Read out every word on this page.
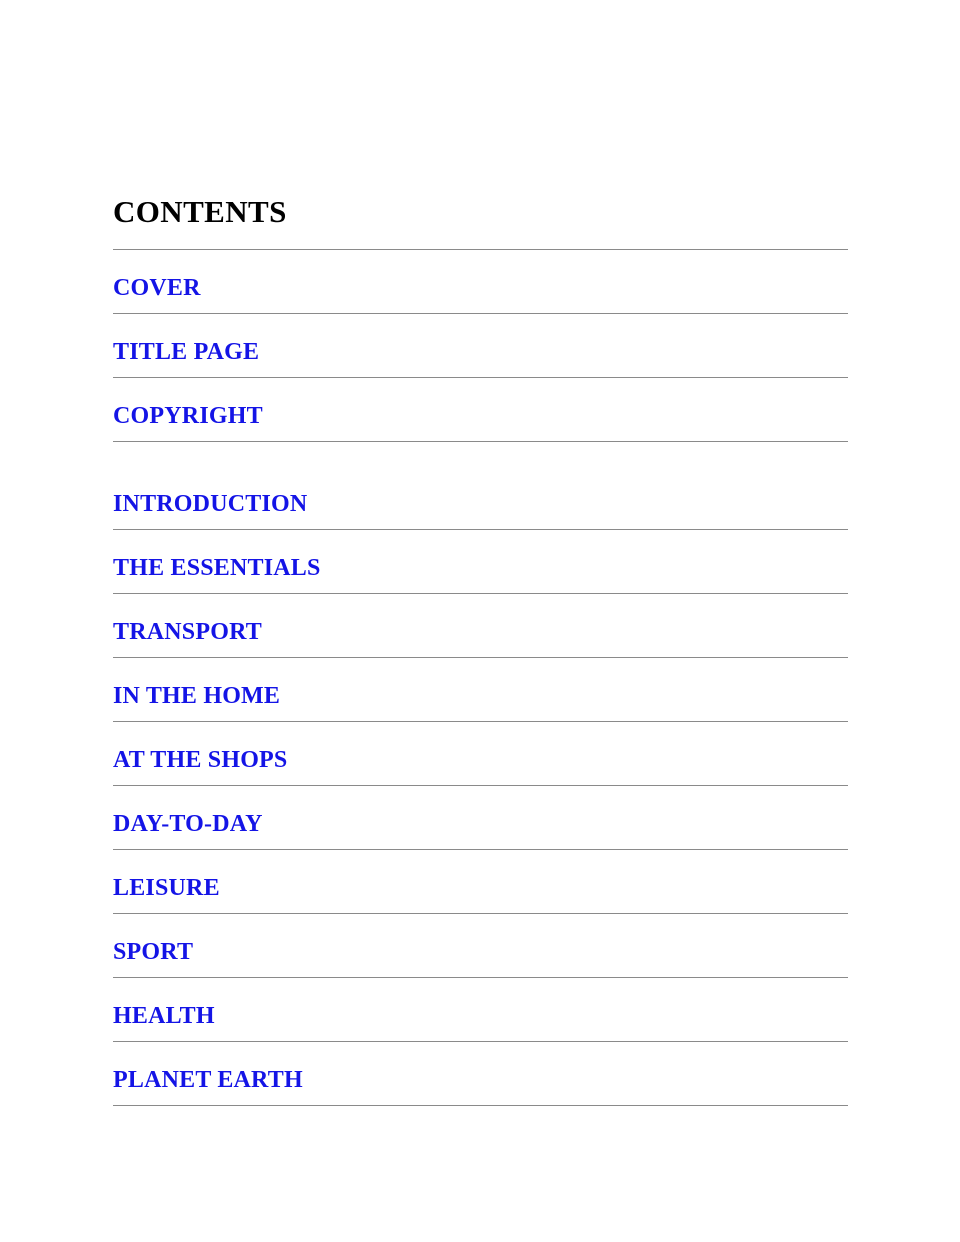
CONTENTS
COVER
TITLE PAGE
COPYRIGHT
INTRODUCTION
THE ESSENTIALS
TRANSPORT
IN THE HOME
AT THE SHOPS
DAY-TO-DAY
LEISURE
SPORT
HEALTH
PLANET EARTH
